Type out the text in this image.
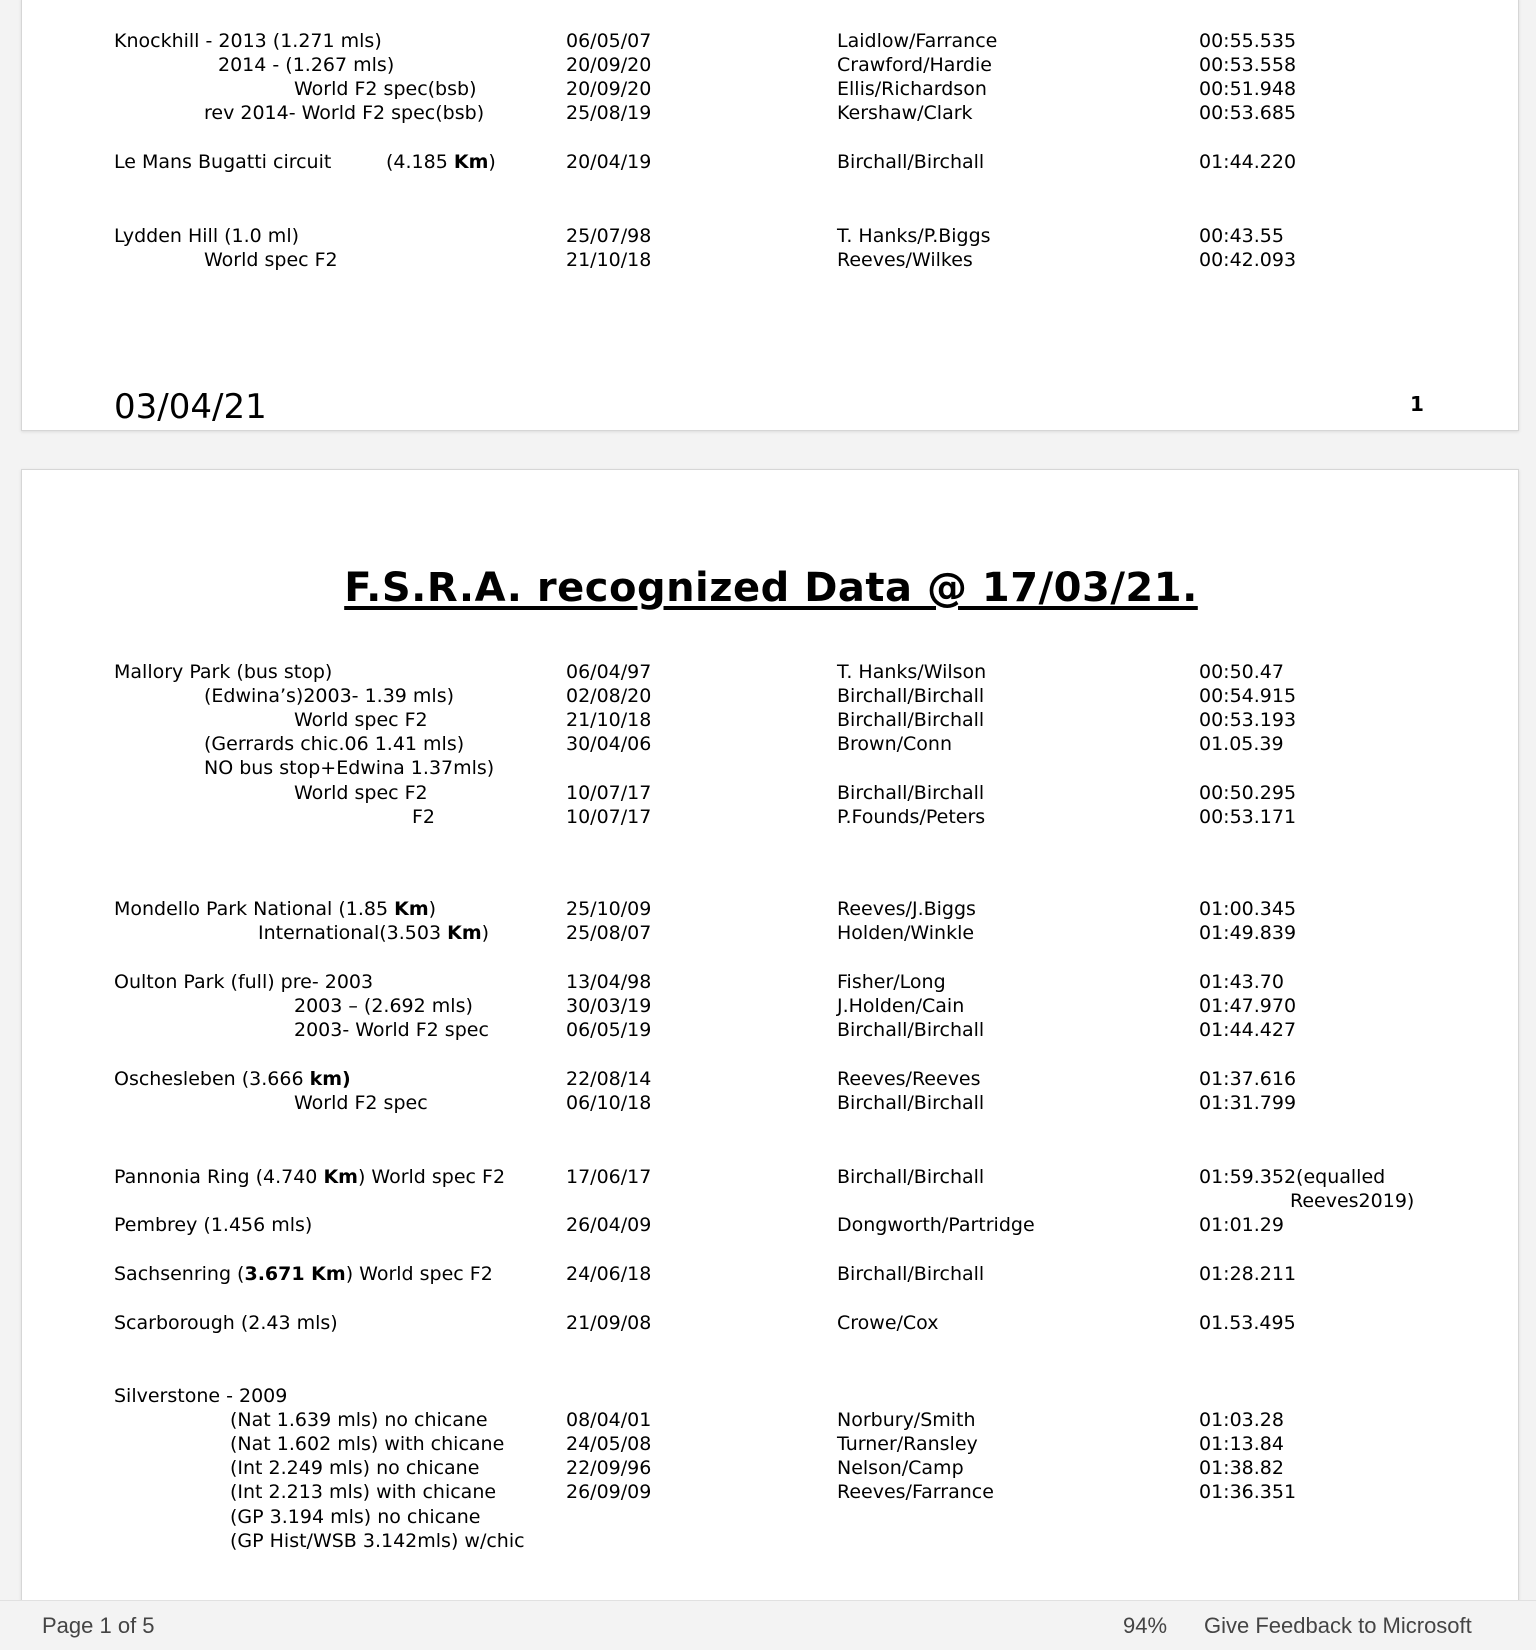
Knockhill - 2013 (1.271 mls)	06/05/07	Laidlow/Farrance	00:55.535
2014 - (1.267 mls)	20/09/20	Crawford/Hardie	00:53.558
World F2 spec(bsb)	20/09/20	Ellis/Richardson	00:51.948
rev 2014- World F2 spec(bsb)	25/08/19	Kershaw/Clark	00:53.685
Le Mans Bugatti circuit	(4.185 Km)	20/04/19	Birchall/Birchall	01:44.220
Lydden Hill (1.0 ml)	25/07/98	T. Hanks/P.Biggs	00:43.55
World spec F2	21/10/18	Reeves/Wilkes	00:42.093
03/04/21	1
F.S.R.A. recognized Data @ 17/03/21.
Mallory Park (bus stop)	06/04/97	T. Hanks/Wilson	00:50.47
(Edwina’s)2003- 1.39 mls)	02/08/20	Birchall/Birchall	00:54.915
World spec F2	21/10/18	Birchall/Birchall	00:53.193
(Gerrards chic.06 1.41 mls)	30/04/06	Brown/Conn	01.05.39
NO bus stop+Edwina 1.37mls)
World spec F2	10/07/17	Birchall/Birchall	00:50.295
F2	10/07/17	P.Founds/Peters	00:53.171
Mondello Park National (1.85 Km)	25/10/09	Reeves/J.Biggs	01:00.345
International(3.503 Km)	25/08/07	Holden/Winkle	01:49.839
Oulton Park (full) pre- 2003	13/04/98	Fisher/Long	01:43.70
2003 – (2.692 mls)	30/03/19	J.Holden/Cain	01:47.970
2003- World F2 spec	06/05/19	Birchall/Birchall	01:44.427
Oschesleben (3.666 km)	22/08/14	Reeves/Reeves	01:37.616
World F2 spec	06/10/18	Birchall/Birchall	01:31.799
Pannonia Ring (4.740 Km) World spec F2	17/06/17	Birchall/Birchall	01:59.352(equalled
Reeves2019)
Pembrey (1.456 mls)	26/04/09	Dongworth/Partridge	01:01.29
Sachsenring (3.671 Km) World spec F2	24/06/18	Birchall/Birchall	01:28.211
Scarborough (2.43 mls)	21/09/08	Crowe/Cox	01.53.495
Silverstone - 2009
(Nat 1.639 mls) no chicane	08/04/01	Norbury/Smith	01:03.28
(Nat 1.602 mls) with chicane	24/05/08	Turner/Ransley	01:13.84
(Int 2.249 mls) no chicane	22/09/96	Nelson/Camp	01:38.82
(Int 2.213 mls) with chicane	26/09/09	Reeves/Farrance	01:36.351
(GP 3.194 mls) no chicane
(GP Hist/WSB 3.142mls) w/chic
Page 1 of 5	94% Give Feedback to Microsoft
